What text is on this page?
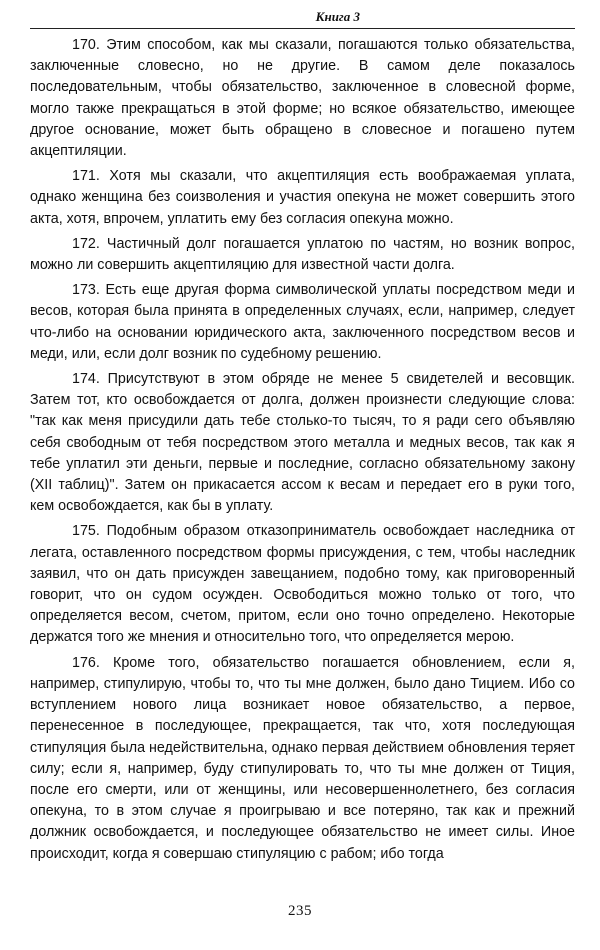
Книга 3

170. Этим способом, как мы сказали, погашаются только обязательства, заключенные словесно, но не другие. В самом деле показалось последовательным, чтобы обязательство, заключенное в словесной форме, могло также прекращаться в этой форме; но всякое обязательство, имеющее другое основание, может быть обращено в словесное и погашено путем акцептиляции.

171. Хотя мы сказали, что акцептиляция есть воображаемая уплата, однако женщина без соизволения и участия опекуна не может совершить этого акта, хотя, впрочем, уплатить ему без согласия опекуна можно.

172. Частичный долг погашается уплатою по частям, но возник вопрос, можно ли совершить акцептиляцию для известной части долга.

173. Есть еще другая форма символической уплаты посредством меди и весов, которая была принята в определенных случаях, если, например, следует что-либо на основании юридического акта, заключенного посредством весов и меди, или, если долг возник по судебному решению.

174. Присутствуют в этом обряде не менее 5 свидетелей и весовщик. Затем тот, кто освобождается от долга, должен произнести следующие слова: "так как меня присудили дать тебе столько-то тысяч, то я ради сего объявляю себя свободным от тебя посредством этого металла и медных весов, так как я тебе уплатил эти деньги, первые и последние, согласно обязательному закону (XII таблиц)". Затем он прикасается ассом к весам и передает его в руки того, кем освобождается, как бы в уплату.

175. Подобным образом отказоприниматель освобождает наследника от легата, оставленного посредством формы присуждения, с тем, чтобы наследник заявил, что он дать присужден завещанием, подобно тому, как приговоренный говорит, что он судом осужден. Освободиться можно только от того, что определяется весом, счетом, притом, если оно точно определено. Некоторые держатся того же мнения и относительно того, что определяется мерою.

176. Кроме того, обязательство погашается обновлением, если я, например, стипулирую, чтобы то, что ты мне должен, было дано Тицием. Ибо со вступлением нового лица возникает новое обязательство, а первое, перенесенное в последующее, прекращается, так что, хотя последующая стипуляция была недействительна, однако первая действием обновления теряет силу; если я, например, буду стипулировать то, что ты мне должен от Тиция, после его смерти, или от женщины, или несовершеннолетнего, без согласия опекуна, то в этом случае я проигрываю и все потеряно, так как и прежний должник освобождается, и последующее обязательство не имеет силы. Иное происходит, когда я совершаю стипуляцию с рабом; ибо тогда

235
